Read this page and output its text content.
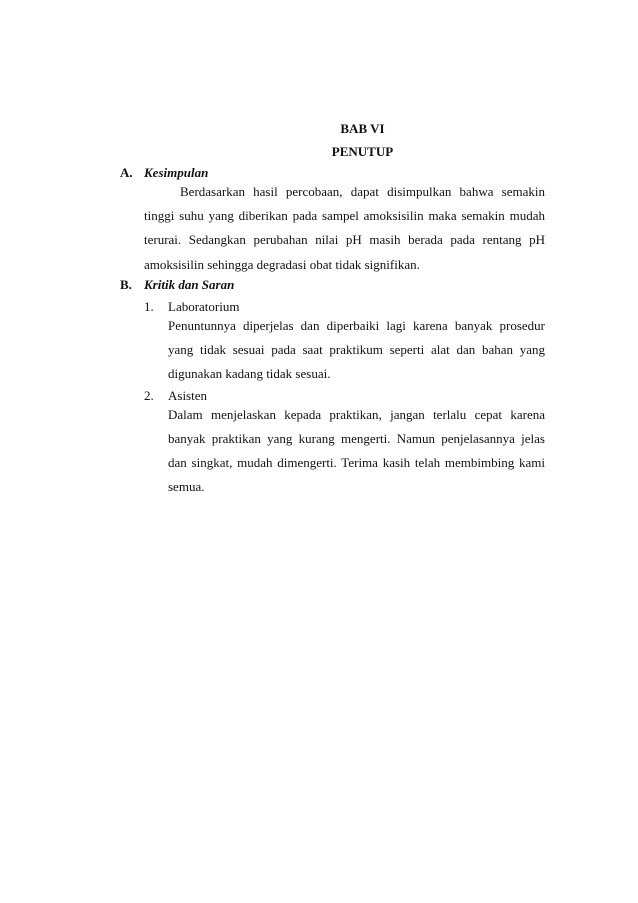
BAB VI
PENUTUP
A. Kesimpulan
Berdasarkan hasil percobaan, dapat disimpulkan bahwa semakin tinggi suhu yang diberikan pada sampel amoksisilin maka semakin mudah terurai. Sedangkan perubahan nilai pH masih berada pada rentang pH amoksisilin sehingga degradasi obat tidak signifikan.
B. Kritik dan Saran
1. Laboratorium
Penuntunnya diperjelas dan diperbaiki lagi karena banyak prosedur yang tidak sesuai pada saat praktikum seperti alat dan bahan yang digunakan kadang tidak sesuai.
2. Asisten
Dalam menjelaskan kepada praktikan, jangan terlalu cepat karena banyak praktikan yang kurang mengerti. Namun penjelasannya jelas dan singkat, mudah dimengerti. Terima kasih telah membimbing kami semua.
